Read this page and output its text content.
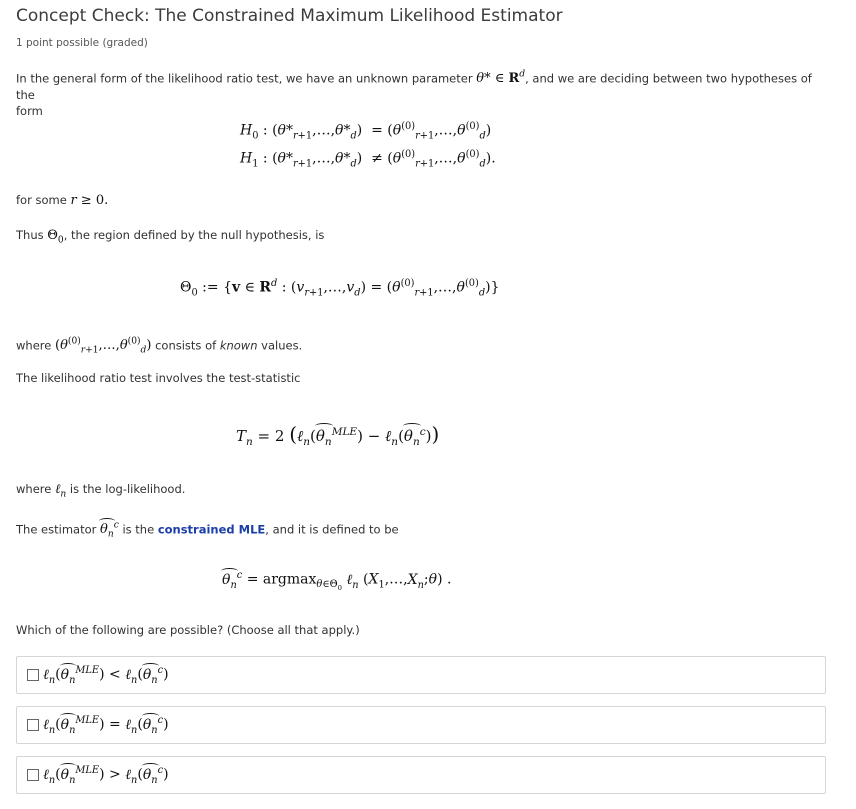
Concept Check: The Constrained Maximum Likelihood Estimator
1 point possible (graded)
In the general form of the likelihood ratio test, we have an unknown parameter θ* ∈ $R^d$, and we are deciding between two hypotheses of the
form
$H_0$ : $(\theta*_{r+1},\dots,\theta*_d)$  = $(\theta^{(0)}_{r+1},\dots,\theta^{(0)}_d)$
$H_1$ : $(\theta*_{r+1},\dots,\theta*_d)$  ≠ $(\theta^{(0)}_{r+1},\dots,\theta^{(0)}_d)$.
for some r ≥ 0.
Thus $\Theta_0$, the region defined by the null hypothesis, is
$\Theta_0$ := {v ∈ $R^d$ : $(v_{r+1},\dots,v_d)$ = $(\theta^{(0)}_{r+1},\dots,\theta^{(0)}_d)$}
where $(\theta^{(0)}_{r+1},\dots,\theta^{(0)}_d)$ consists of known values.
The likelihood ratio test involves the test-statistic
$T_n = 2$ ($\ell_n(\theta_n^{MLE})$ − $\ell_n(\theta_n^c)$)
where ℓ$_n$ is the log-likelihood.
The estimator $\theta_n^c$ is the constrained MLE, and it is defined to be
$\theta_n^c = argmax_{\theta\in\Theta_0}$ ℓ$_n$ $(X_1,\dots,X_n;\theta)$ .
Which of the following are possible? (Choose all that apply.)
$\ell_n(\theta_n^{MLE})$ < $\ell_n(\theta_n^c)$
$\ell_n(\theta_n^{MLE})$ = $\ell_n(\theta_n^c)$
$\ell_n(\theta_n^{MLE})$ > $\ell_n(\theta_n^c)$
